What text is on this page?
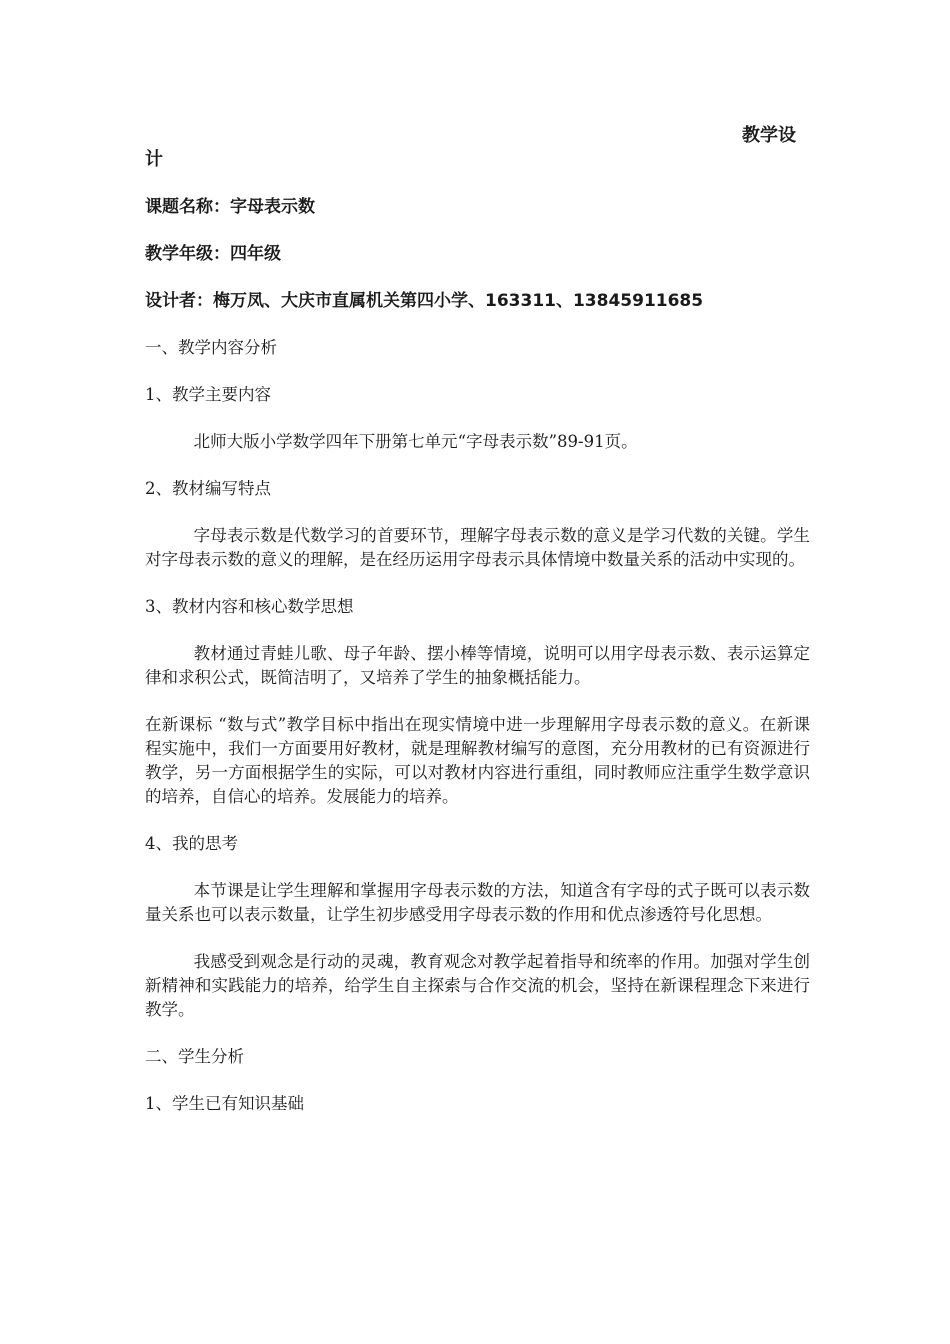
教学设

计

课题名称：字母表示数

教学年级：四年级

设计者：梅万凤、大庆市直属机关第四小学、163311、13845911685

一、教学内容分析

1、教学主要内容

北师大版小学数学四年下册第七单元“字母表示数”89-91页。

2、教材编写特点

字母表示数是代数学习的首要环节，理解字母表示数的意义是学习代数的关键。学生对字母表示数的意义的理解，是在经历运用字母表示具体情境中数量关系的活动中实现的。

3、教材内容和核心数学思想

教材通过青蛙儿歌、母子年龄、摆小棒等情境，说明可以用字母表示数、表示运算定律和求积公式，既简洁明了，又培养了学生的抽象概括能力。

在新课标 “数与式”教学目标中指出在现实情境中进一步理解用字母表示数的意义。在新课程实施中，我们一方面要用好教材，就是理解教材编写的意图，充分用教材的已有资源进行教学，另一方面根据学生的实际，可以对教材内容进行重组，同时教师应注重学生数学意识的培养，自信心的培养。发展能力的培养。

4、我的思考

本节课是让学生理解和掌握用字母表示数的方法，知道含有字母的式子既可以表示数量关系也可以表示数量，让学生初步感受用字母表示数的作用和优点渗透符号化思想。

我感受到观念是行动的灵魂，教育观念对教学起着指导和统率的作用。加强对学生创新精神和实践能力的培养，给学生自主探索与合作交流的机会，坚持在新课程理念下来进行教学。

二、学生分析

1、学生已有知识基础
